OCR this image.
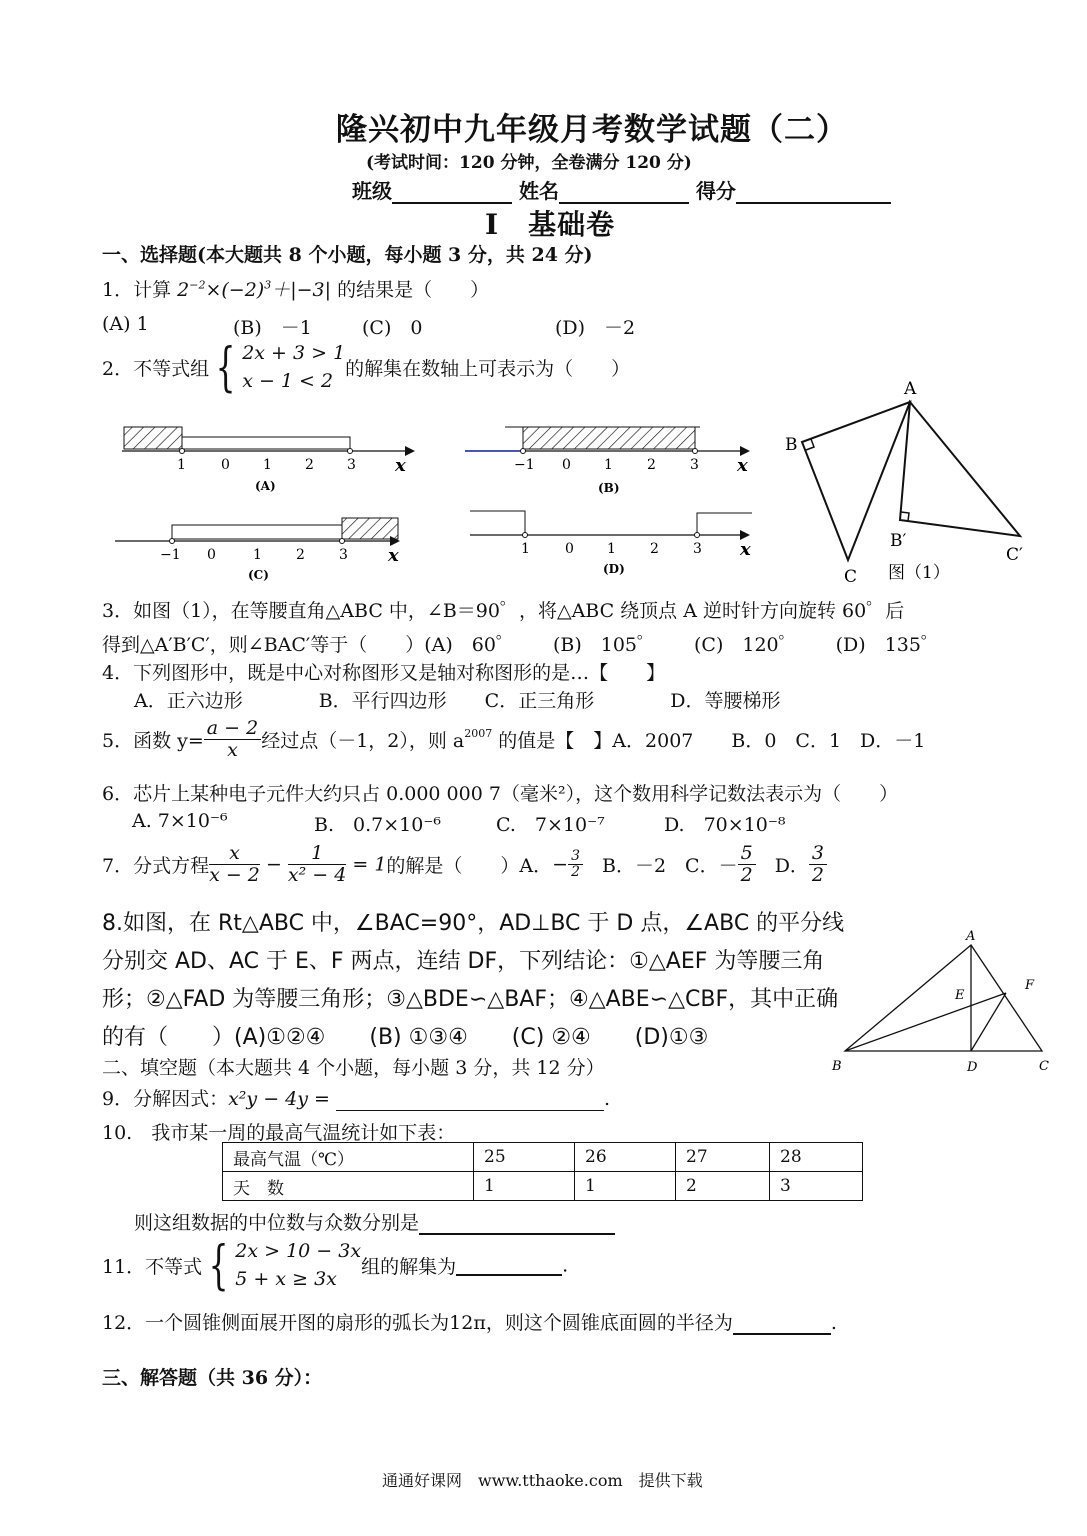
隆兴初中九年级月考数学试题（二）
(考试时间：120 分钟，全卷满分 120 分)
班级	姓名	得分
I　基础卷
一、选择题(本大题共 8 个小题，每小题 3 分，共 24 分)
1．计算 $2^{-2}\times(-2)^3+|-3|$ 的结果是（　　）
(A) 1	(B)　－1	(C)　0	(D)　－2
2．不等式组 { 2x + 3 > 1
x − 1 < 2
的解集在数轴上可表示为（　　）
1	0 1 2 3 x
(A)
−1 0 1 2 3 x
(B)
−1 0	1 2 3 x
(C)
1	0 1 2 3 x
(D)
A
B
C
B′
C′
图（1）
3．如图（1），在等腰直角△ABC 中，∠B＝90゜，将△ABC 绕顶点 A 逆时针方向旋转 60゜后
得到△A′B′C′，则∠BAC′等于（　　）(A)　60゜　　(B)　105゜　　(C)　120゜　　(D)　135゜
4．下列图形中，既是中心对称图形又是轴对称图形的是…【　　】
A．正六边形　　　　B．平行四边形　　C．正三角形　　　　D．等腰梯形
5．函数 $y= \frac{a - 2}{x}$ 经过点（－1，2），则 $a^{2007}$ 的值是【　】A．2007　　B．0　C．1　D．－1
6．芯片上某种电子元件大约只占 0.000 000 7（毫米²），这个数用科学记数法表示为（　　）
A. 7×10⁻⁶	B.　0.7×10⁻⁶	C.　7×10⁻⁷	D.　70×10⁻⁸
7．分式方程 $\frac{x}{x - 2} - \frac{1}{\text{x² − 4}} = 1$的解是（　　）A．− $\frac{3}{2}$ 　B．－2　C．－ $\frac{5}{2}$ 　D． $\frac{3}{2}$
8.如图，在 Rt△ABC 中，∠BAC=90°，AD⊥BC 于 D 点，∠ABC 的平分线
分别交 AD、AC 于 E、F 两点，连结 DF，下列结论：①△AEF 为等腰三角
形；②△FAD 为等腰三角形；③△BDE∽△BAF；④△ABE∽△CBF，其中正确
的有（　　）(A)①②④　　(B) ①③④　　(C) ②④　　(D)①③
A
B	C
D
E
F
二、填空题（本大题共 4 个小题，每小题 3 分，共 12 分）
9．分解因式：x²y − 4y =	.
10.　我市某一周的最高气温统计如下表：
最高气温（℃）	25	26	27	28
天　数	1	1	2	3
则这组数据的中位数与众数分别是
11．不等式 { 2x > 10 − 3x
5 + x ≥ 3x
组的解集为	.
12．一个圆锥侧面展开图的扇形的弧长为12π，则这个圆锥底面圆的半径为	.
三、解答题（共 36 分）：
通通好课网　www.tthaoke.com　提供下载
